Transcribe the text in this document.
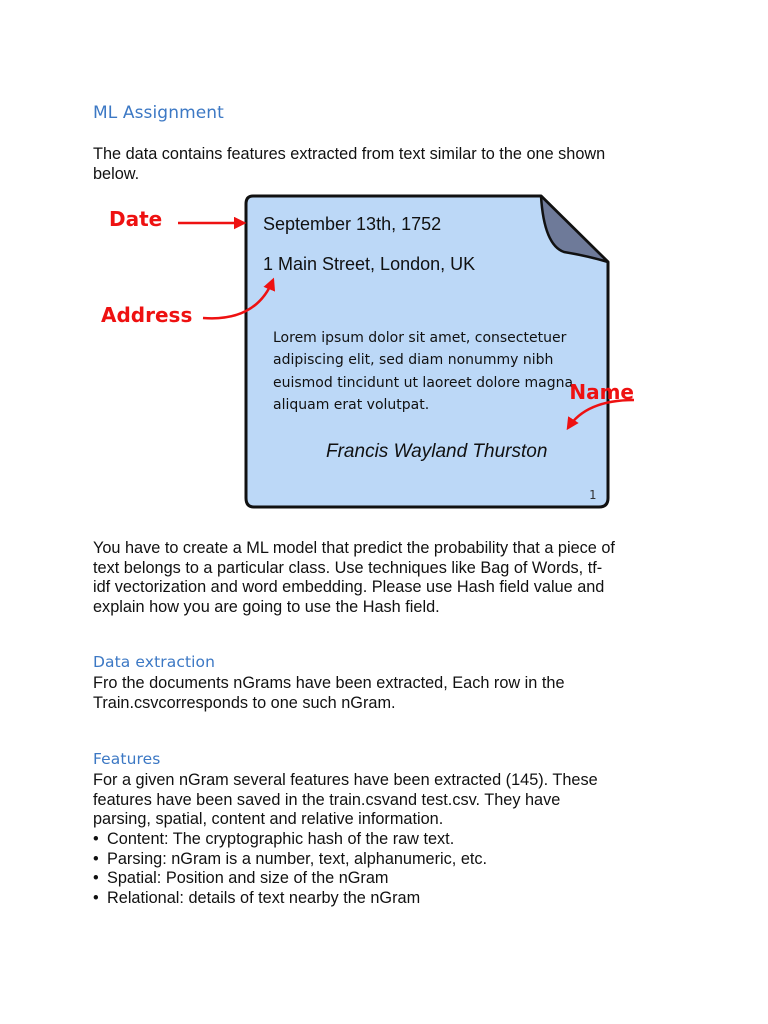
ML Assignment

The data contains features extracted from text similar to the one shown
below.

September 13th, 1752
1 Main Street, London, UK
Lorem ipsum dolor sit amet, consectetuer
adipiscing elit, sed diam nonummy nibh
euismod tincidunt ut laoreet dolore magna
aliquam erat volutpat.
Francis Wayland Thurston
1
Date
Address
Name

You have to create a ML model that predict the probability that a piece of
text belongs to a particular class. Use techniques like Bag of Words, tf-
idf vectorization and word embedding. Please use Hash field value and
explain how you are going to use the Hash field.

Data extraction

Fro the documents nGrams have been extracted, Each row in the
Train.csvcorresponds to one such nGram.

Features

For a given nGram several features have been extracted (145). These
features have been saved in the train.csvand test.csv. They have
parsing, spatial, content and relative information.

• Content: The cryptographic hash of the raw text.
• Parsing: nGram is a number, text, alphanumeric, etc.
• Spatial: Position and size of the nGram
• Relational: details of text nearby the nGram
